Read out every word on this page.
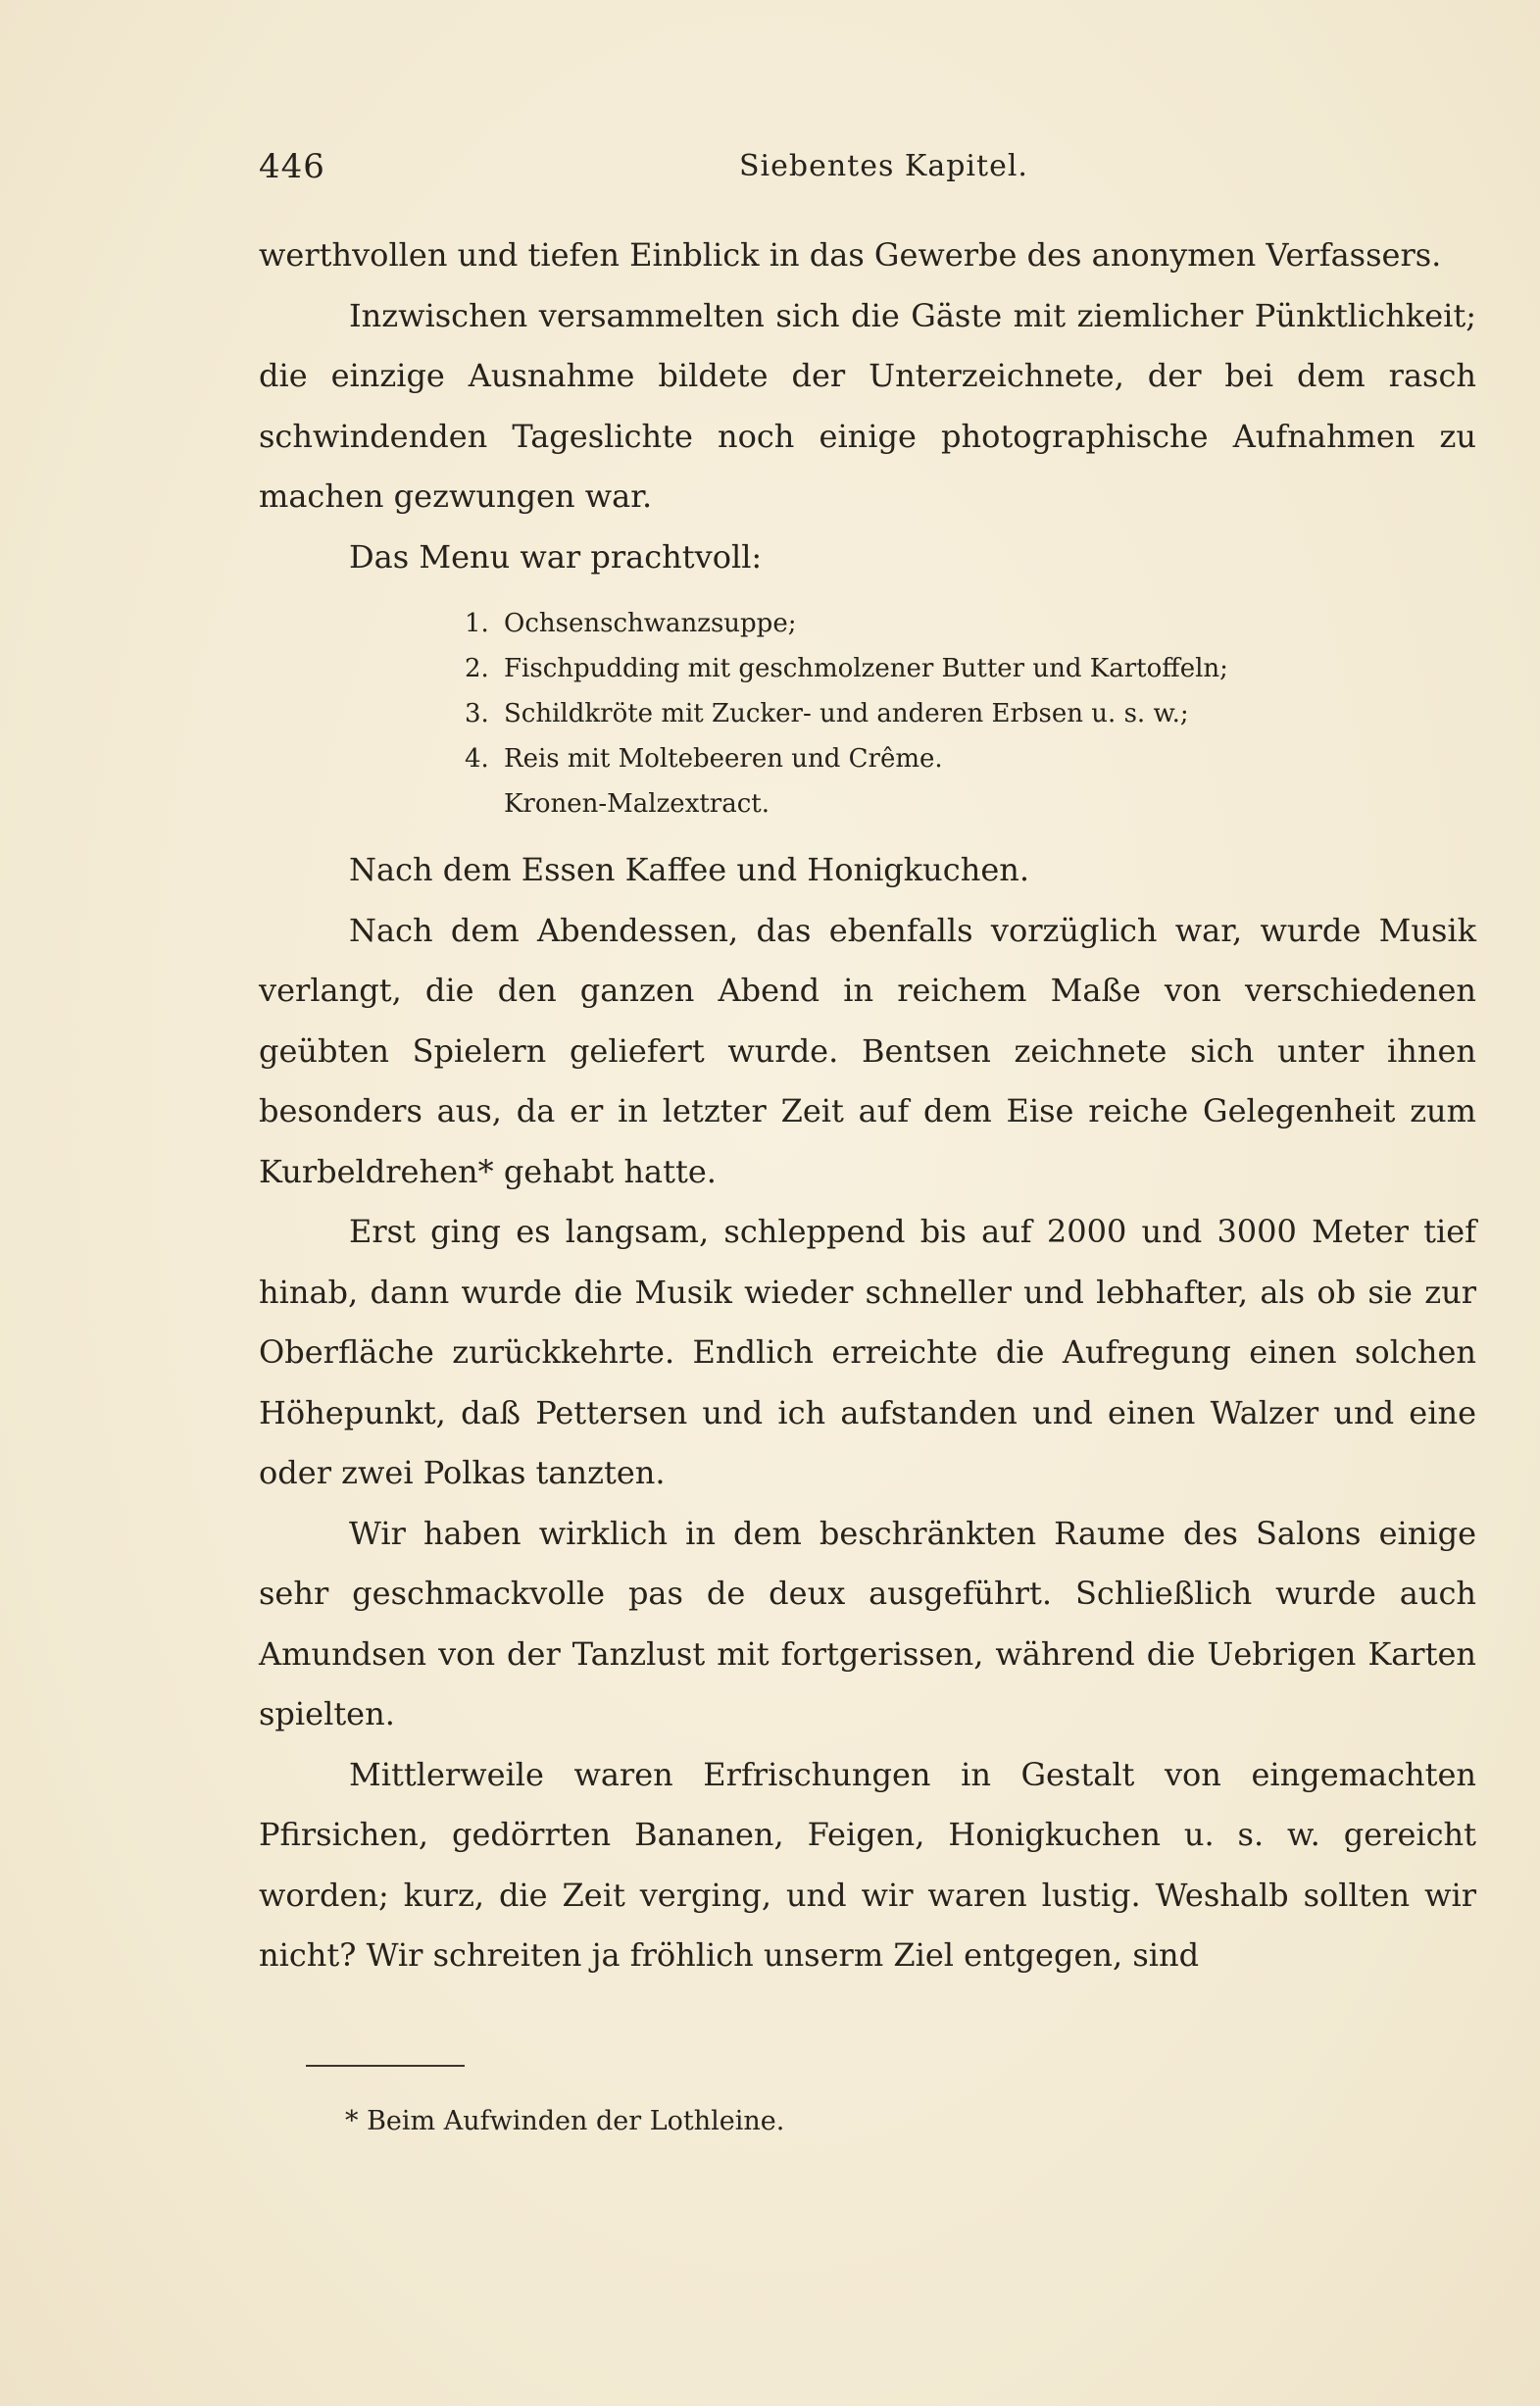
446	Siebentes Kapitel.

werthvollen und tiefen Einblick in das Gewerbe des anonymen Verfassers.

Inzwischen versammelten sich die Gäste mit ziemlicher Pünktlichkeit; die einzige Ausnahme bildete der Unterzeichnete, der bei dem rasch schwindenden Tageslichte noch einige photographische Aufnahmen zu machen gezwungen war.

Das Menu war prachtvoll:

1. Ochsenschwanzsuppe;
2. Fischpudding mit geschmolzener Butter und Kartoffeln;
3. Schildkröte mit Zucker- und anderen Erbsen u. s. w.;
4. Reis mit Moltebeeren und Crême.
Kronen-Malzextract.

Nach dem Essen Kaffee und Honigkuchen.

Nach dem Abendessen, das ebenfalls vorzüglich war, wurde Musik verlangt, die den ganzen Abend in reichem Maße von verschiedenen geübten Spielern geliefert wurde. Bentsen zeichnete sich unter ihnen besonders aus, da er in letzter Zeit auf dem Eise reiche Gelegenheit zum Kurbeldrehen* gehabt hatte.

Erst ging es langsam, schleppend bis auf 2000 und 3000 Meter tief hinab, dann wurde die Musik wieder schneller und lebhafter, als ob sie zur Oberfläche zurückkehrte. Endlich erreichte die Aufregung einen solchen Höhepunkt, daß Pettersen und ich aufstanden und einen Walzer und eine oder zwei Polkas tanzten.

Wir haben wirklich in dem beschränkten Raume des Salons einige sehr geschmackvolle pas de deux ausgeführt. Schließlich wurde auch Amundsen von der Tanzlust mit fortgerissen, während die Uebrigen Karten spielten.

Mittlerweile waren Erfrischungen in Gestalt von eingemachten Pfirsichen, gedörrten Bananen, Feigen, Honigkuchen u. s. w. gereicht worden; kurz, die Zeit verging, und wir waren lustig. Weshalb sollten wir nicht? Wir schreiten ja fröhlich unserm Ziel entgegen, sind

* Beim Aufwinden der Lothleine.
